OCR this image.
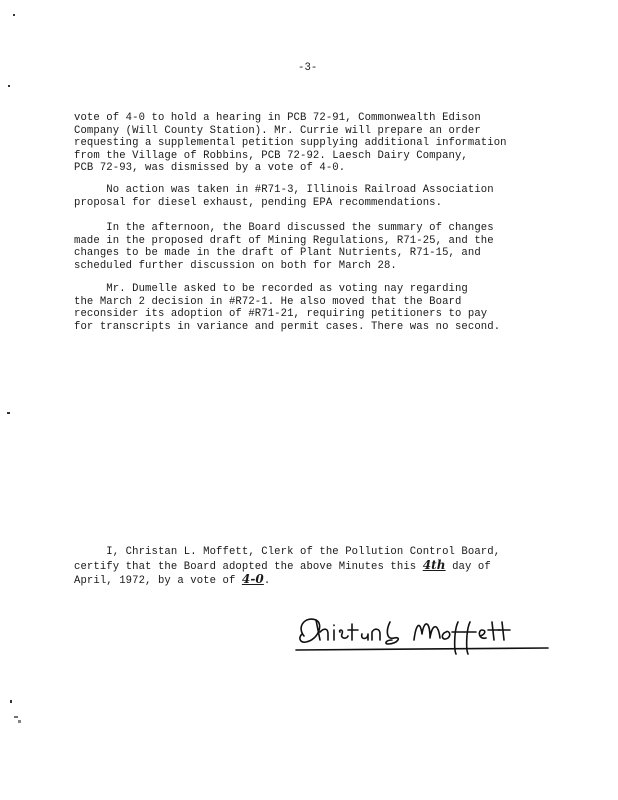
-3-
vote of 4-0 to hold a hearing in PCB 72-91, Commonwealth Edison
Company (Will County Station). Mr. Currie will prepare an order
requesting a supplemental petition supplying additional information
from the Village of Robbins, PCB 72-92. Laesch Dairy Company,
PCB 72-93, was dismissed by a vote of 4-0.
No action was taken in #R71-3, Illinois Railroad Association
proposal for diesel exhaust, pending EPA recommendations.
In the afternoon, the Board discussed the summary of changes
made in the proposed draft of Mining Regulations, R71-25, and the
changes to be made in the draft of Plant Nutrients, R71-15, and
scheduled further discussion on both for March 28.
Mr. Dumelle asked to be recorded as voting nay regarding
the March 2 decision in #R72-1. He also moved that the Board
reconsider its adoption of #R71-21, requiring petitioners to pay
for transcripts in variance and permit cases. There was no second.
I, Christan L. Moffett, Clerk of the Pollution Control Board,
certify that the Board adopted the above Minutes this 4th day of
April, 1972, by a vote of 4-0.
